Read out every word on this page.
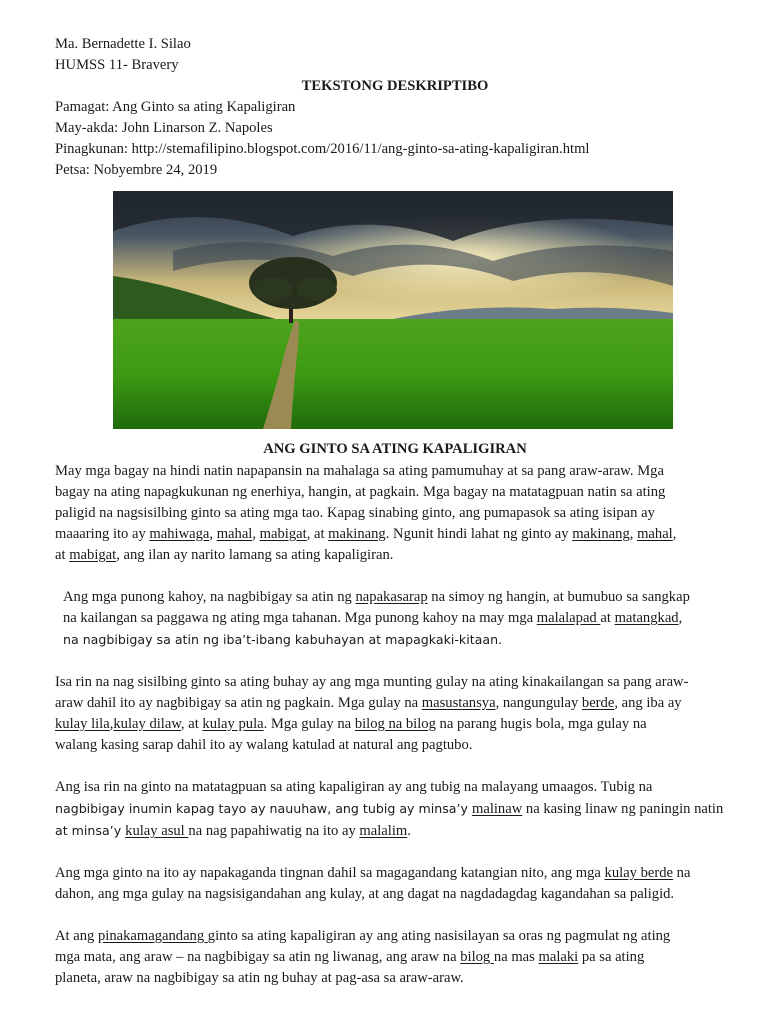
Ma. Bernadette I. Silao
HUMSS 11- Bravery
TEKSTONG DESKRIPTIBO
Pamagat: Ang Ginto sa ating Kapaligiran
May-akda: John Linarson Z. Napoles
Pinagkunan: http://stemafilipino.blogspot.com/2016/11/ang-ginto-sa-ating-kapaligiran.html
Petsa: Nobyembre 24, 2019
ANG GINTO SA ATING KAPALIGIRAN

May mga bagay na hindi natin napapansin na mahalaga sa ating pamumuhay at sa pang araw-araw. Mga
bagay na ating napagkukunan ng enerhiya, hangin, at pagkain. Mga bagay na matatagpuan natin sa ating
paligid na nagsisilbing ginto sa ating mga tao. Kapag sinabing ginto, ang pumapasok sa ating isipan ay
maaaring ito ay mahiwaga, mahal, mabigat, at makinang. Ngunit hindi lahat ng ginto ay makinang, mahal,
at mabigat, ang ilan ay narito lamang sa ating kapaligiran.

Ang mga punong kahoy, na nagbibigay sa atin ng napakasarap na simoy ng hangin, at bumubuo sa sangkap
na kailangan sa paggawa ng ating mga tahanan. Mga punong kahoy na may mga malalapad at matangkad,
na nagbibigay sa atin ng iba’t-ibang kabuhayan at mapagkaki-kitaan.

Isa rin na nag sisilbing ginto sa ating buhay ay ang mga munting gulay na ating kinakailangan sa pang araw-
araw dahil ito ay nagbibigay sa atin ng pagkain. Mga gulay na masustansya, nangungulay berde, ang iba ay
kulay lila,kulay dilaw, at kulay pula. Mga gulay na bilog na bilog na parang hugis bola, mga gulay na
walang kasing sarap dahil ito ay walang katulad at natural ang pagtubo.

Ang isa rin na ginto na matatagpuan sa ating kapaligiran ay ang tubig na malayang umaagos. Tubig na
nagbibigay inumin kapag tayo ay nauuhaw, ang tubig ay minsa’y malinaw na kasing linaw ng paningin natin
at minsa’y kulay asul na nag papahiwatig na ito ay malalim.

Ang mga ginto na ito ay napakaganda tingnan dahil sa magagandang katangian nito, ang mga kulay berde na
dahon, ang mga gulay na nagsisigandahan ang kulay, at ang dagat na nagdadagdag kagandahan sa paligid.

At ang pinakamagandang ginto sa ating kapaligiran ay ang ating nasisilayan sa oras ng pagmulat ng ating
mga mata, ang araw – na nagbibigay sa atin ng liwanag, ang araw na bilog na mas malaki pa sa ating
planeta, araw na nagbibigay sa atin ng buhay at pag-asa sa araw-araw.
